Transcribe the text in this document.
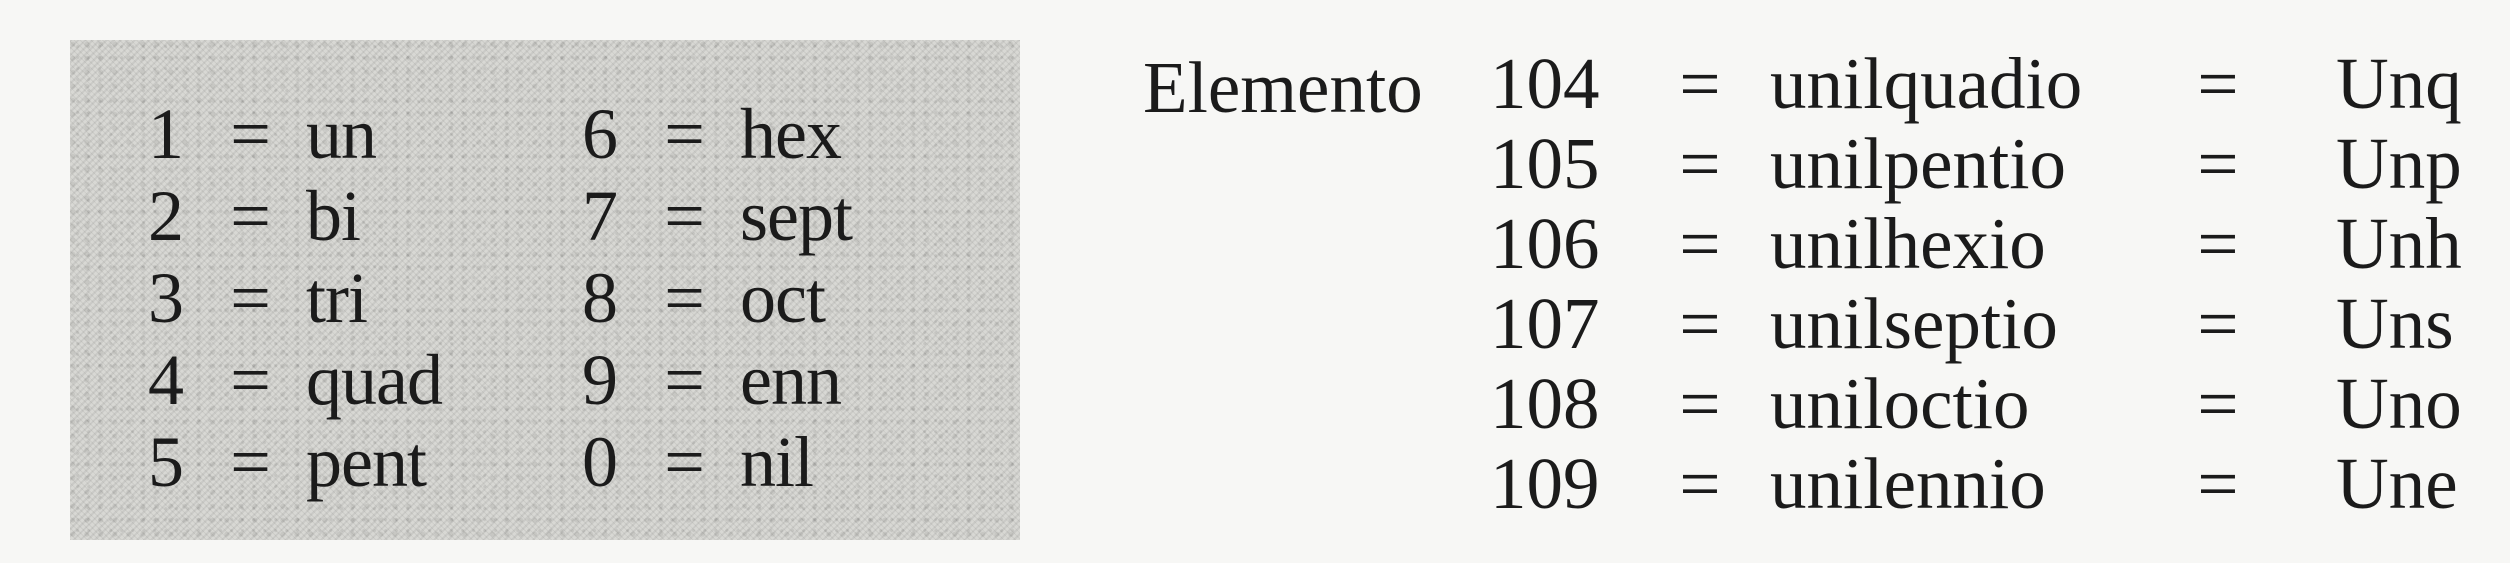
1 = un
2 = bi
3 = tri
4 = quad
5 = pent
6 = hex
7 = sept
8 = oct
9 = enn
0 = nil
Elemento 104 = unilquadio	= Unq
105 = unilpentio	= Unp
106 = unilhexio	= Unh
107 = unilseptio	= Uns
108 = uniloctio	= Uno
109 = unilennio	= Une
